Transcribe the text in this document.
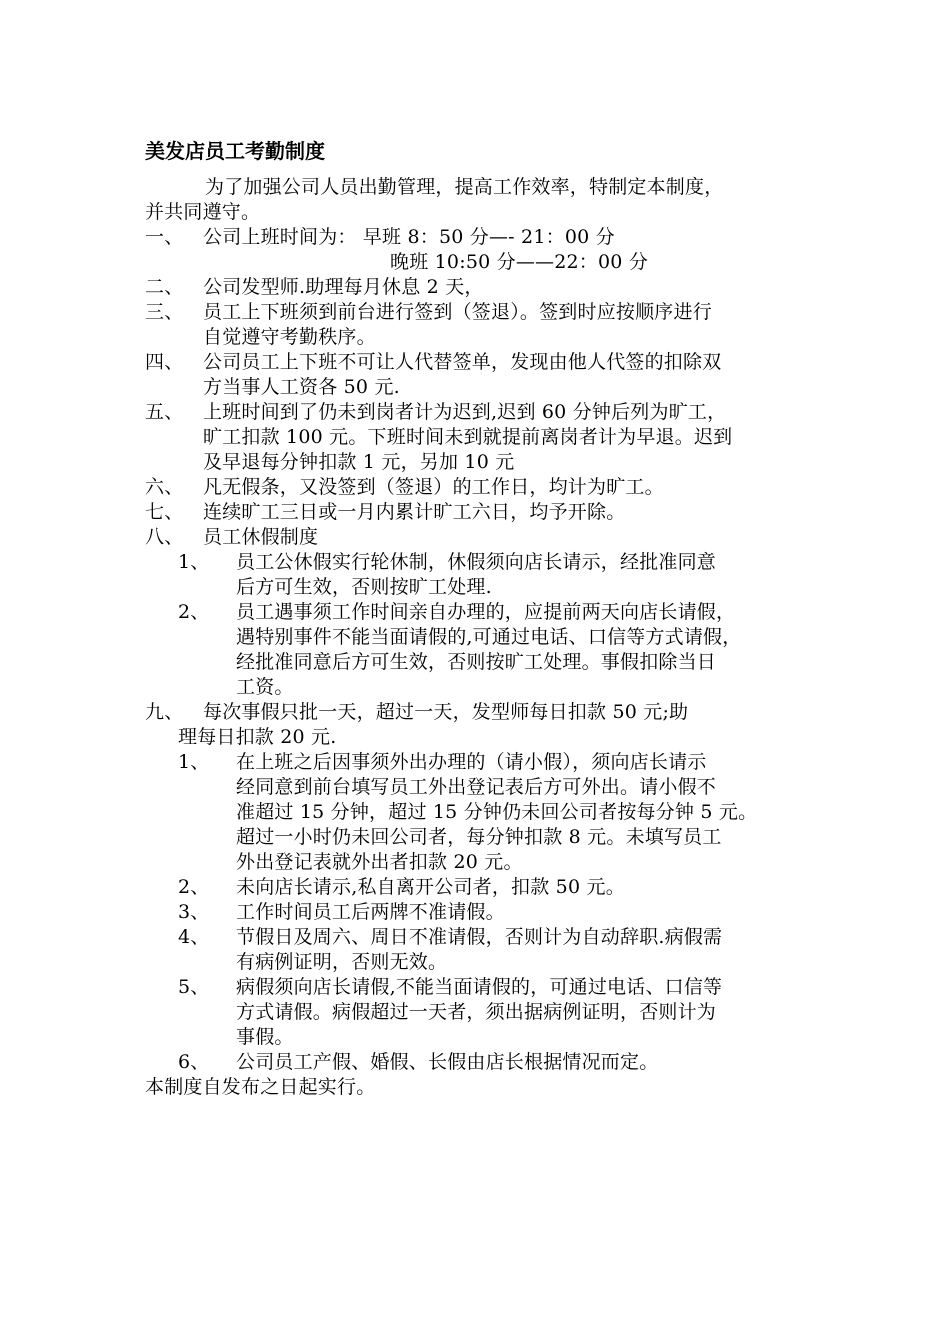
美发店员工考勤制度
为了加强公司人员出勤管理，提高工作效率，特制定本制度，
并共同遵守。
一、 公司上班时间为： 早班 8：50 分—- 21：00 分
晚班 10:50 分——22：00 分
二、 公司发型师.助理每月休息 2 天，
三、 员工上下班须到前台进行签到（签退）。签到时应按顺序进行
自觉遵守考勤秩序。
四、 公司员工上下班不可让人代替签单，发现由他人代签的扣除双
方当事人工资各 50 元.
五、 上班时间到了仍未到岗者计为迟到,迟到 60 分钟后列为旷工，
旷工扣款 100 元。下班时间未到就提前离岗者计为早退。迟到
及早退每分钟扣款 1 元，另加 10 元
六、 凡无假条，又没签到（签退）的工作日，均计为旷工。
七、 连续旷工三日或一月内累计旷工六日，均予开除。
八、 员工休假制度
1、 员工公休假实行轮休制，休假须向店长请示，经批准同意
后方可生效，否则按旷工处理.
2、 员工遇事须工作时间亲自办理的，应提前两天向店长请假，
遇特别事件不能当面请假的,可通过电话、口信等方式请假，
经批准同意后方可生效，否则按旷工处理。事假扣除当日
工资。
九、 每次事假只批一天，超过一天，发型师每日扣款 50 元;助
理每日扣款 20 元.
1、 在上班之后因事须外出办理的（请小假），须向店长请示
经同意到前台填写员工外出登记表后方可外出。请小假不
准超过 15 分钟，超过 15 分钟仍未回公司者按每分钟 5 元。
超过一小时仍未回公司者，每分钟扣款 8 元。未填写员工
外出登记表就外出者扣款 20 元。
2、 未向店长请示,私自离开公司者，扣款 50 元。
3、 工作时间员工后两牌不准请假。
4、 节假日及周六、周日不准请假，否则计为自动辞职.病假需
有病例证明，否则无效。
5、 病假须向店长请假,不能当面请假的，可通过电话、口信等
方式请假。病假超过一天者，须出据病例证明，否则计为
事假。
6、 公司员工产假、婚假、长假由店长根据情况而定。
本制度自发布之日起实行。
